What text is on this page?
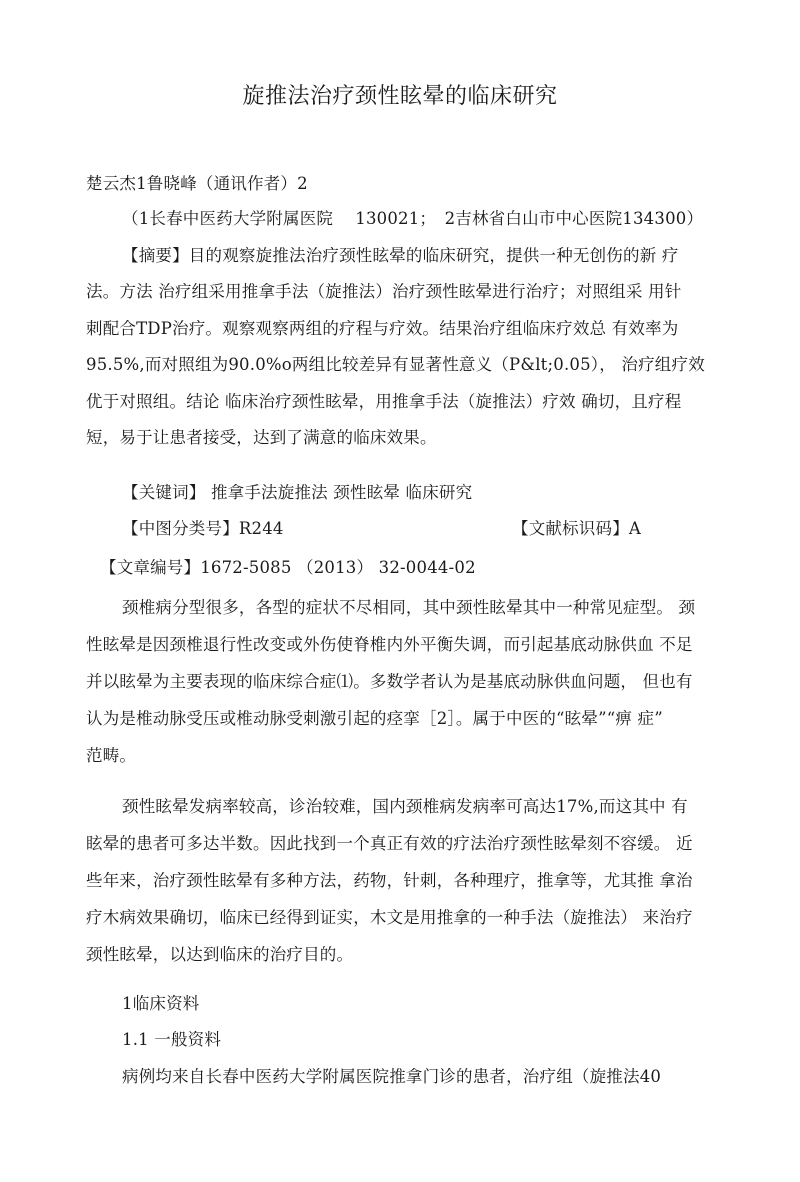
旋推法治疗颈性眩晕的临床研究
楚云杰1鲁晓峰（通讯作者）2
（1长春中医药大学附属医院　 130021；　2吉林省白山市中心医院134300）
【摘要】目的观察旋推法治疗颈性眩晕的临床研究，提供一种无创伤的新 疗
法。方法 治疗组采用推拿手法（旋推法）治疗颈性眩晕进行治疗；对照组采 用针
刺配合TDP治疗。观察观察两组的疗程与疗效。结果治疗组临床疗效总 有效率为
95.5%,而对照组为90.0%o两组比较差异有显著性意义（P&lt;0.05）， 治疗组疗效
优于对照组。结论 临床治疗颈性眩晕，用推拿手法（旋推法）疗效 确切，且疗程
短，易于让患者接受，达到了满意的临床效果。
【关键词】 推拿手法旋推法 颈性眩晕 临床研究
【中图分类号】R244	【文献标识码】A
【文章编号】1672-5085 （2013） 32-0044-02
颈椎病分型很多，各型的症状不尽相同，其中颈性眩晕其中一种常见症型。 颈
性眩晕是因颈椎退行性改变或外伤使脊椎内外平衡失调，而引起基底动脉供血 不足
并以眩晕为主要表现的临床综合症⑴。多数学者认为是基底动脉供血问题， 但也有
认为是椎动脉受压或椎动脉受刺激引起的痉挛［2］。属于中医的“眩晕”“痹 症”
范畴。
颈性眩晕发病率较高，诊治较难，国内颈椎病发病率可高达17%,而这其中 有
眩晕的患者可多达半数。因此找到一个真正有效的疗法治疗颈性眩晕刻不容缓。 近
些年来，治疗颈性眩晕有多种方法，药物，针刺，各种理疗，推拿等，尤其推 拿治
疗木病效果确切，临床已经得到证实，木文是用推拿的一种手法（旋推法） 来治疗
颈性眩晕，以达到临床的治疗目的。
1临床资料
1.1 一般资料
病例均来自长春中医药大学附属医院推拿门诊的患者，治疗组（旋推法40
